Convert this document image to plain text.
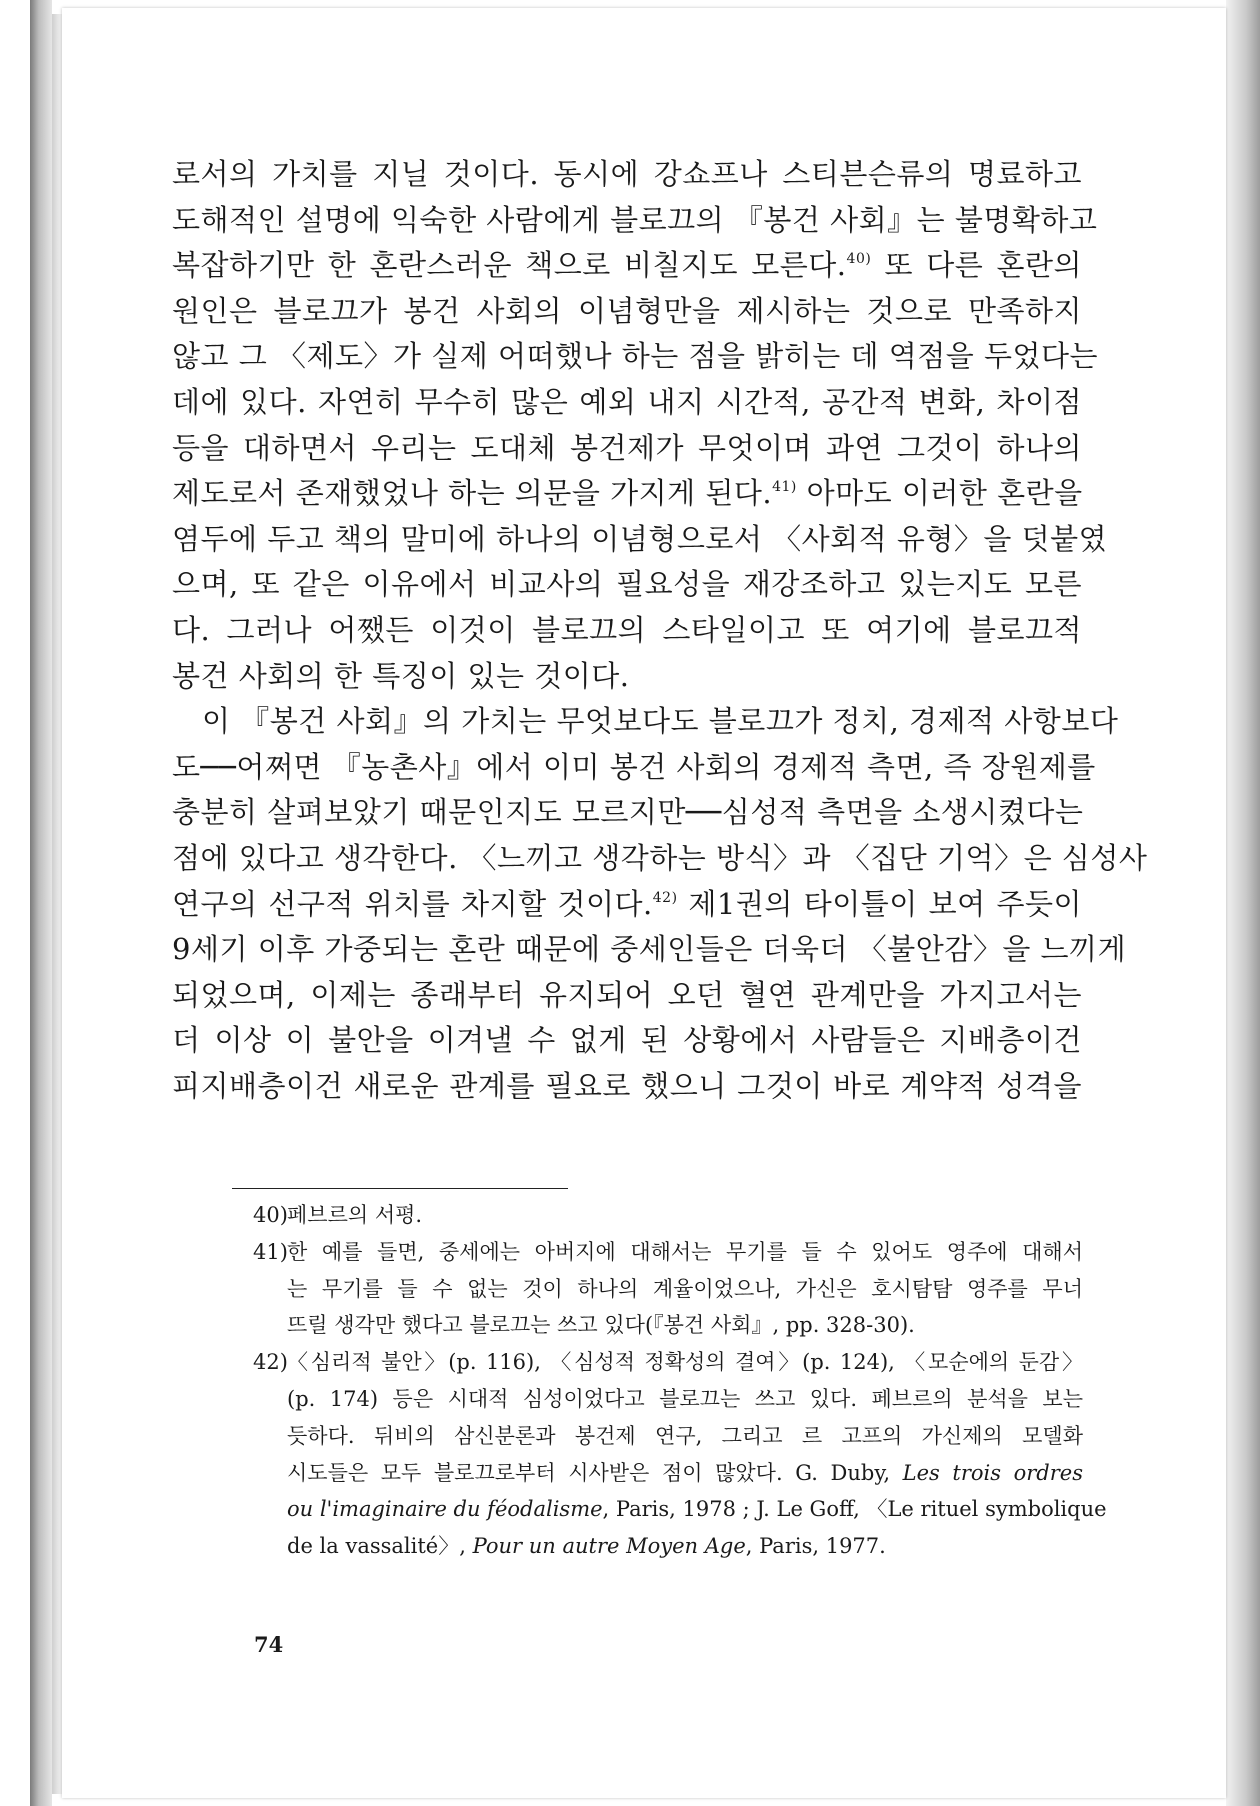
로서의 가치를 지닐 것이다. 동시에 강쇼프나 스티븐슨류의 명료하고
도해적인 설명에 익숙한 사람에게 블로끄의 『봉건 사회』는 불명확하고
복잡하기만 한 혼란스러운 책으로 비칠지도 모른다.$^{40)}$ 또 다른 혼란의
원인은 블로끄가 봉건 사회의 이념형만을 제시하는 것으로 만족하지
않고 그 〈제도〉가 실제 어떠했나 하는 점을 밝히는 데 역점을 두었다는
데에 있다. 자연히 무수히 많은 예외 내지 시간적, 공간적 변화, 차이점
등을 대하면서 우리는 도대체 봉건제가 무엇이며 과연 그것이 하나의
제도로서 존재했었나 하는 의문을 가지게 된다.$^{41)}$ 아마도 이러한 혼란을
염두에 두고 책의 말미에 하나의 이념형으로서 〈사회적 유형〉을 덧붙였
으며, 또 같은 이유에서 비교사의 필요성을 재강조하고 있는지도 모른
다. 그러나 어쨌든 이것이 블로끄의 스타일이고 또 여기에 블로끄적
봉건 사회의 한 특징이 있는 것이다.
이 『봉건 사회』의 가치는 무엇보다도 블로끄가 정치, 경제적 사항보다
도──어쩌면 『농촌사』에서 이미 봉건 사회의 경제적 측면, 즉 장원제를
충분히 살펴보았기 때문인지도 모르지만──심성적 측면을 소생시켰다는
점에 있다고 생각한다. 〈느끼고 생각하는 방식〉과 〈집단 기억〉은 심성사
연구의 선구적 위치를 차지할 것이다.$^{42)}$ 제1권의 타이틀이 보여 주듯이
9세기 이후 가중되는 혼란 때문에 중세인들은 더욱더 〈불안감〉을 느끼게
되었으며, 이제는 종래부터 유지되어 오던 혈연 관계만을 가지고서는
더 이상 이 불안을 이겨낼 수 없게 된 상황에서 사람들은 지배층이건
피지배층이건 새로운 관계를 필요로 했으니 그것이 바로 계약적 성격을
40) 페브르의 서평.
41) 한 예를 들면, 중세에는 아버지에 대해서는 무기를 들 수 있어도 영주에 대해서
는 무기를 들 수 없는 것이 하나의 계율이었으나, 가신은 호시탐탐 영주를 무너
뜨릴 생각만 했다고 블로끄는 쓰고 있다(『봉건 사회』, pp. 328-30).
42) 〈심리적 불안〉(p. 116), 〈심성적 정확성의 결여〉(p. 124), 〈모순에의 둔감〉
(p. 174) 등은 시대적 심성이었다고 블로끄는 쓰고 있다. 페브르의 분석을 보는
듯하다. 뒤비의 삼신분론과 봉건제 연구, 그리고 르 고프의 가신제의 모델화
시도들은 모두 블로끄로부터 시사받은 점이 많았다. G. Duby, Les trois ordres
ou l'imaginaire du féodalisme, Paris, 1978 ; J. Le Goff, 〈Le rituel symbolique
de la vassalité〉, Pour un autre Moyen Age, Paris, 1977.
74
